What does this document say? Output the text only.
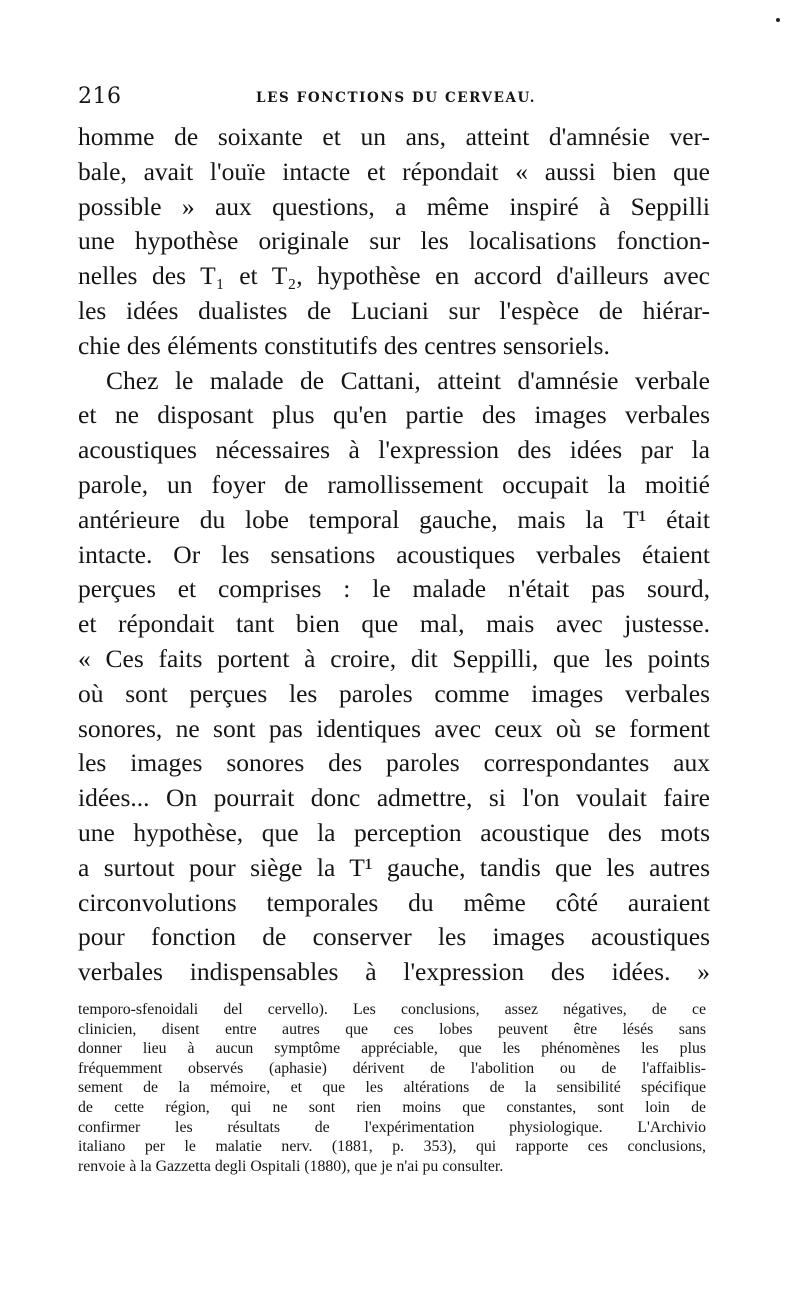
216	LES FONCTIONS DU CERVEAU.
homme de soixante et un ans, atteint d'amnésie ver-
bale, avait l'ouïe intacte et répondait « aussi bien que
possible » aux questions, a même inspiré à Seppilli
une hypothèse originale sur les localisations fonction-
nelles des T₁ et T₂, hypothèse en accord d'ailleurs avec
les idées dualistes de Luciani sur l'espèce de hiérar-
chie des éléments constitutifs des centres sensoriels.
Chez le malade de Cattani, atteint d'amnésie verbale
et ne disposant plus qu'en partie des images verbales
acoustiques nécessaires à l'expression des idées par la
parole, un foyer de ramollissement occupait la moitié
antérieure du lobe temporal gauche, mais la T¹ était
intacte. Or les sensations acoustiques verbales étaient
perçues et comprises : le malade n'était pas sourd,
et répondait tant bien que mal, mais avec justesse.
« Ces faits portent à croire, dit Seppilli, que les points
où sont perçues les paroles comme images verbales
sonores, ne sont pas identiques avec ceux où se forment
les images sonores des paroles correspondantes aux
idées... On pourrait donc admettre, si l'on voulait faire
une hypothèse, que la perception acoustique des mots
a surtout pour siège la T¹ gauche, tandis que les autres
circonvolutions temporales du même côté auraient
pour fonction de conserver les images acoustiques
verbales indispensables à l'expression des idées. »
temporo-sfenoidali del cervello). Les conclusions, assez négatives, de ce
clinicien, disent entre autres que ces lobes peuvent être lésés sans
donner lieu à aucun symptôme appréciable, que les phénomènes les plus
fréquemment observés (aphasie) dérivent de l'abolition ou de l'affaiblis-
sement de la mémoire, et que les altérations de la sensibilité spécifique
de cette région, qui ne sont rien moins que constantes, sont loin de
confirmer les résultats de l'expérimentation physiologique. L'Archivio
italiano per le malatie nerv. (1881, p. 353), qui rapporte ces conclusions,
renvoie à la Gazzetta degli Ospitali (1880), que je n'ai pu consulter.
